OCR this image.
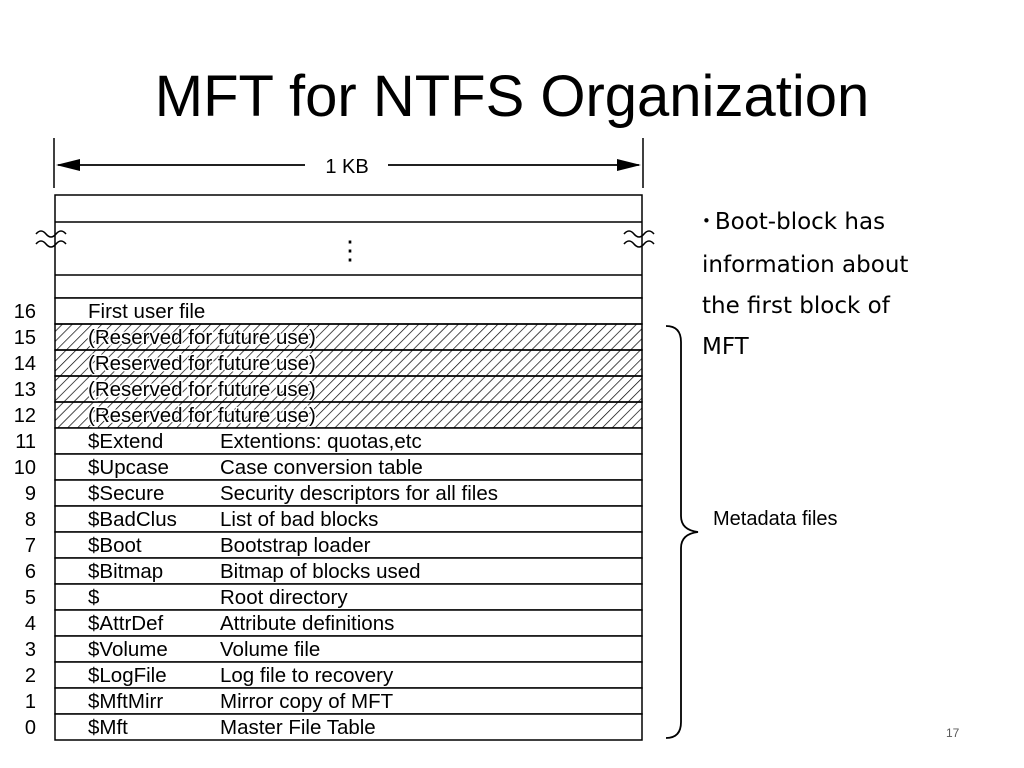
MFT for NTFS Organization
1 KB
⋮
16	First user file
15	(Reserved for future use)
14	(Reserved for future use)
13	(Reserved for future use)
12	(Reserved for future use)
11	$Extend	Extentions: quotas,etc
10	$Upcase Case conversion table
9	$Secure	Security descriptors for all files
8	$BadClus List of bad blocks
7	$Boot	Bootstrap loader
6	$Bitmap	Bitmap of blocks used
5	$	Root directory
4	$AttrDef	Attribute definitions
3	$Volume	Volume file
2	$LogFile	Log file to recovery
1	$MftMirr	Mirror copy of MFT
0	$Mft	Master File Table
• Boot-block has information about the first block of MFT
Metadata files
17
